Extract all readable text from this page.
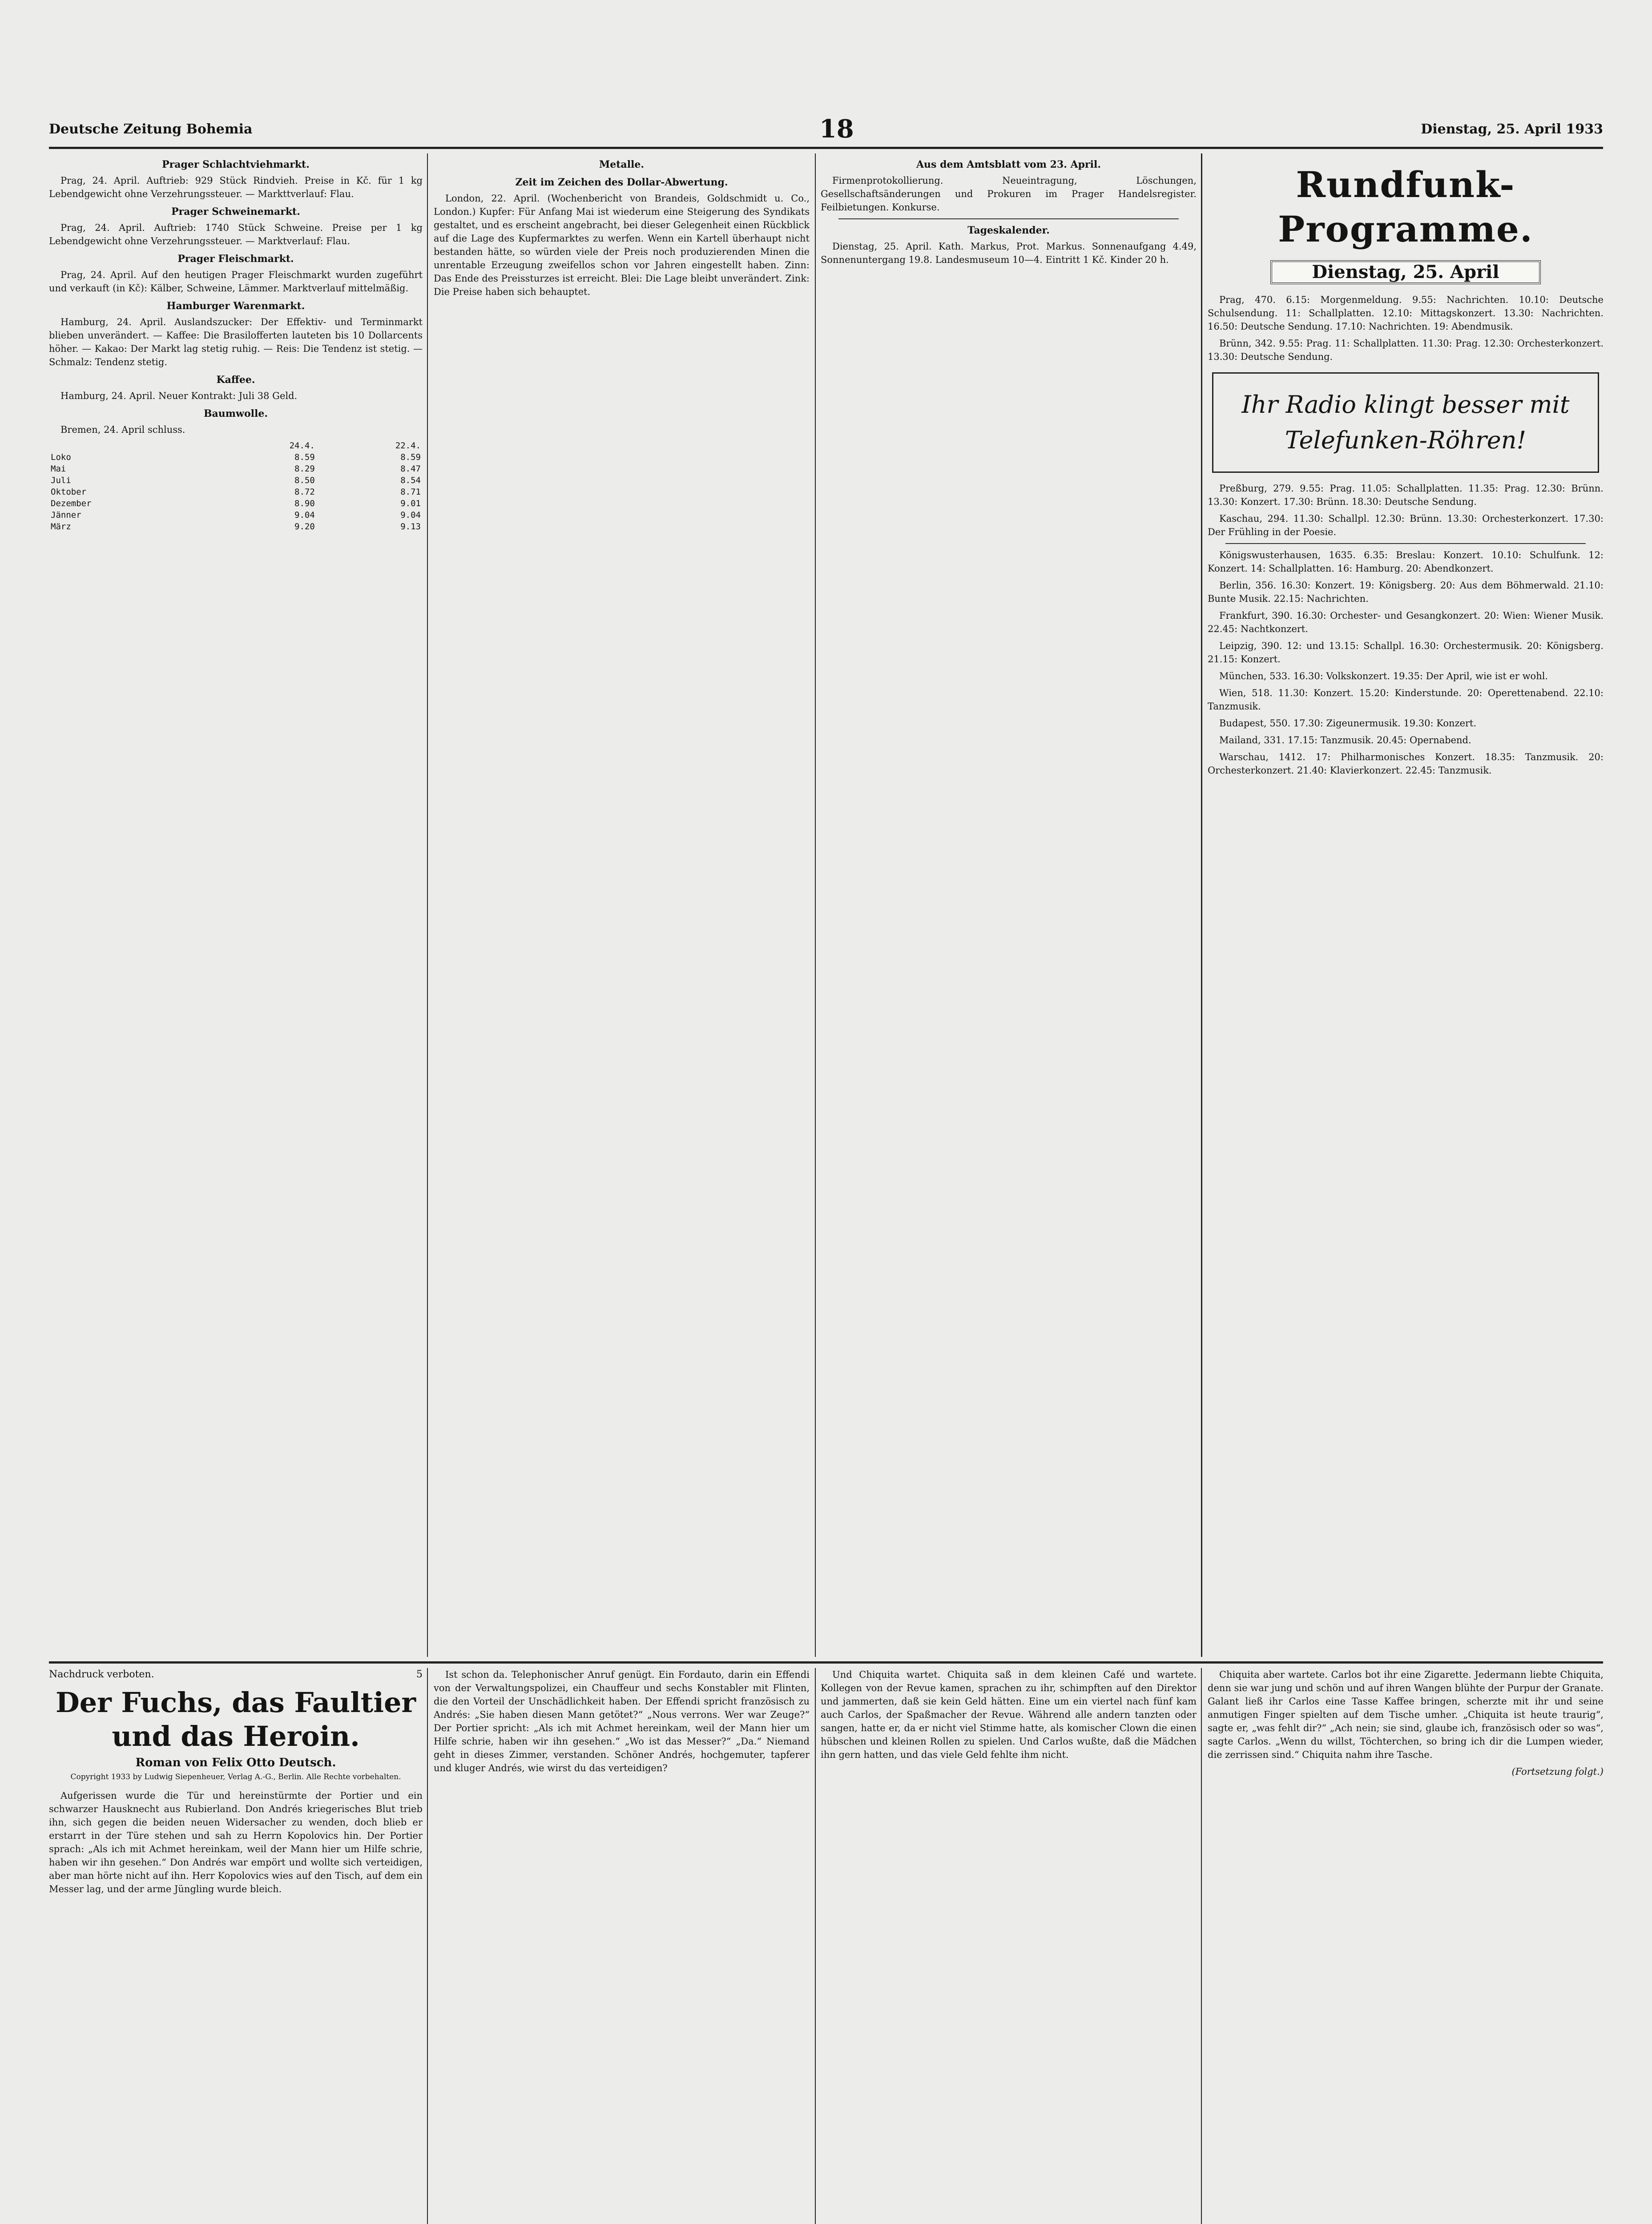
Deutsche Zeitung Bohemia	18	Dienstag, 25. April 1933
Prager Schlachtviehmarkt.

Prag, 24. April. Auftrieb: 929 Stück Rindvieh. Preise in Kč. für 1 kg Lebendgewicht ohne Verzehrungssteuer. — Markttverlauf: Flau.

Prager Schweinemarkt.

Prag, 24. April. Auftrieb: 1740 Stück Schweine. Preise per 1 kg Lebendgewicht ohne Verzehrungssteuer. — Marktverlauf: Flau.

Prager Fleischmarkt.

Prag, 24. April. Auf den heutigen Prager Fleischmarkt wurden zugeführt und verkauft (in Kč): Kälber, Schweine, Lämmer. Marktverlauf mittelmäßig.

Hamburger Warenmarkt.

Hamburg, 24. April. Auslandszucker: Der Effektiv- und Terminmarkt blieben unverändert. — Kaffee: Die Brasilofferten lauteten bis 10 Dollarcents höher. — Kakao: Der Markt lag stetig ruhig. — Reis: Die Tendenz ist stetig. — Schmalz: Tendenz stetig.

Kaffee.

Hamburg, 24. April. Neuer Kontrakt: Juli 38 Geld.

Baumwolle.

Bremen, 24. April schluss.

	24.4.	22.4.
Loko	8.59	8.59
Mai	8.29	8.47
Juli	8.50	8.54
Oktober	8.72	8.71
Dezember	8.90	9.01
Jänner	9.04	9.04
März	9.20	9.13
Metalle.
Zeit im Zeichen des Dollar-Abwertung.

London, 22. April. (Wochenbericht von Brandeis, Goldschmidt u. Co., London.) Kupfer: Für Anfang Mai ist wiederum eine Steigerung des Syndikats gestaltet, und es erscheint angebracht, bei dieser Gelegenheit einen Rückblick auf die Lage des Kupfermarktes zu werfen. Wenn ein Kartell überhaupt nicht bestanden hätte, so würden viele der Preis noch produzierenden Minen die unrentable Erzeugung zweifellos schon vor Jahren eingestellt haben. Zinn: Das Ende des Preissturzes ist erreicht. Blei: Die Lage bleibt unverändert. Zink: Die Preise haben sich behauptet.

Aus dem Amtsblatt vom 23. April.

Firmenprotokollierung. Neueintragung, Löschungen, Gesellschaftsänderungen und Prokuren im Prager Handelsregister. Feilbietungen. Konkurse.

Tageskalender.

Dienstag, 25. April. Kath. Markus, Prot. Markus. Sonnenaufgang 4.49, Sonnenuntergang 19.8. Landesmuseum 10—4. Eintritt 1 Kč. Kinder 20 h.

Rundfunk-Programme.
Dienstag, 25. April

Prag, 470. 6.15: Morgenmeldung. 9.55: Nachrichten. 10.10: Deutsche Schulsendung. 11: Schallplatten. 12.10: Mittagskonzert. 13.30: Nachrichten. 16.50: Deutsche Sendung. 17.10: Nachrichten. 19: Abendmusik.

Brünn, 342. 9.55: Prag. 11: Schallplatten. 11.30: Prag. 12.30: Orchesterkonzert. 13.30: Deutsche Sendung.

Ihr Radio klingt besser mit
Telefunken-Röhren!

Preßburg, 279. 9.55: Prag. 11.05: Schallplatten. 11.35: Prag. 12.30: Brünn. 13.30: Konzert. 17.30: Brünn. 18.30: Deutsche Sendung.

Kaschau, 294. 11.30: Schallpl. 12.30: Brünn. 13.30: Orchesterkonzert. 17.30: Der Frühling in der Poesie.

Königswusterhausen, 1635. 6.35: Breslau: Konzert. 10.10: Schulfunk. 12: Konzert. 14: Schallplatten. 16: Hamburg. 20: Abendkonzert.

Berlin, 356. 16.30: Konzert. 19: Königsberg. 20: Aus dem Böhmerwald. 21.10: Bunte Musik. 22.15: Nachrichten.

Frankfurt, 390. 16.30: Orchester- und Gesangkonzert. 20: Wien: Wiener Musik. 22.45: Nachtkonzert.

Leipzig, 390. 12: und 13.15: Schallpl. 16.30: Orchestermusik. 20: Königsberg. 21.15: Konzert.

München, 533. 16.30: Volkskonzert. 19.35: Der April, wie ist er wohl.

Wien, 518. 11.30: Konzert. 15.20: Kinderstunde. 20: Operettenabend. 22.10: Tanzmusik.

Budapest, 550. 17.30: Zigeunermusik. 19.30: Konzert.

Mailand, 331. 17.15: Tanzmusik. 20.45: Opernabend.

Warschau, 1412. 17: Philharmonisches Konzert. 18.35: Tanzmusik. 20: Orchesterkonzert. 21.40: Klavierkonzert. 22.45: Tanzmusik.

Nachdruck verboten.	5
Der Fuchs, das Faultier und das Heroin.
Roman von Felix Otto Deutsch.
Copyright 1933 by Ludwig Siepenheuer, Verlag A.-G., Berlin. Alle Rechte vorbehalten.

Aufgerissen wurde die Tür und hereinstürmte der Portier und ein schwarzer Hausknecht aus Rubierland. Don Andrés kriegerisches Blut trieb ihn, sich gegen die beiden neuen Widersacher zu wenden, doch blieb er erstarrt in der Türe stehen und sah zu Herrn Kopolovics hin. Der Portier sprach: „Als ich mit Achmet hereinkam, weil der Mann hier um Hilfe schrie, haben wir ihn gesehen.“ Don Andrés war empört und wollte sich verteidigen, aber man hörte nicht auf ihn. Herr Kopolovics wies auf den Tisch, auf dem ein Messer lag, und der arme Jüngling wurde bleich.

Ist schon da. Telephonischer Anruf genügt. Ein Fordauto, darin ein Effendi von der Verwaltungspolizei, ein Chauffeur und sechs Konstabler mit Flinten, die den Vorteil der Unschädlichkeit haben. Der Effendi spricht französisch zu Andrés: „Sie haben diesen Mann getötet?“ „Nous verrons. Wer war Zeuge?“ Der Portier spricht: „Als ich mit Achmet hereinkam, weil der Mann hier um Hilfe schrie, haben wir ihn gesehen.“ „Wo ist das Messer?“ „Da.“ Niemand geht in dieses Zimmer, verstanden. Schöner Andrés, hochgemuter, tapferer und kluger Andrés, wie wirst du das verteidigen?

Und Chiquita wartet. Chiquita saß in dem kleinen Café und wartete. Kollegen von der Revue kamen, sprachen zu ihr, schimpften auf den Direktor und jammerten, daß sie kein Geld hätten. Eine um ein viertel nach fünf kam auch Carlos, der Spaßmacher der Revue. Während alle andern tanzten oder sangen, hatte er, da er nicht viel Stimme hatte, als komischer Clown die einen hübschen und kleinen Rollen zu spielen. Und Carlos wußte, daß die Mädchen ihn gern hatten, und das viele Geld fehlte ihm nicht.

Chiquita aber wartete. Carlos bot ihr eine Zigarette. Jedermann liebte Chiquita, denn sie war jung und schön und auf ihren Wangen blühte der Purpur der Granate. Galant ließ ihr Carlos eine Tasse Kaffee bringen, scherzte mit ihr und seine anmutigen Finger spielten auf dem Tische umher. „Chiquita ist heute traurig“, sagte er, „was fehlt dir?“ „Ach nein; sie sind, glaube ich, französisch oder so was“, sagte Carlos. „Wenn du willst, Töchterchen, so bring ich dir die Lumpen wieder, die zerrissen sind.“ Chiquita nahm ihre Tasche.

(Fortsetzung folgt.)
